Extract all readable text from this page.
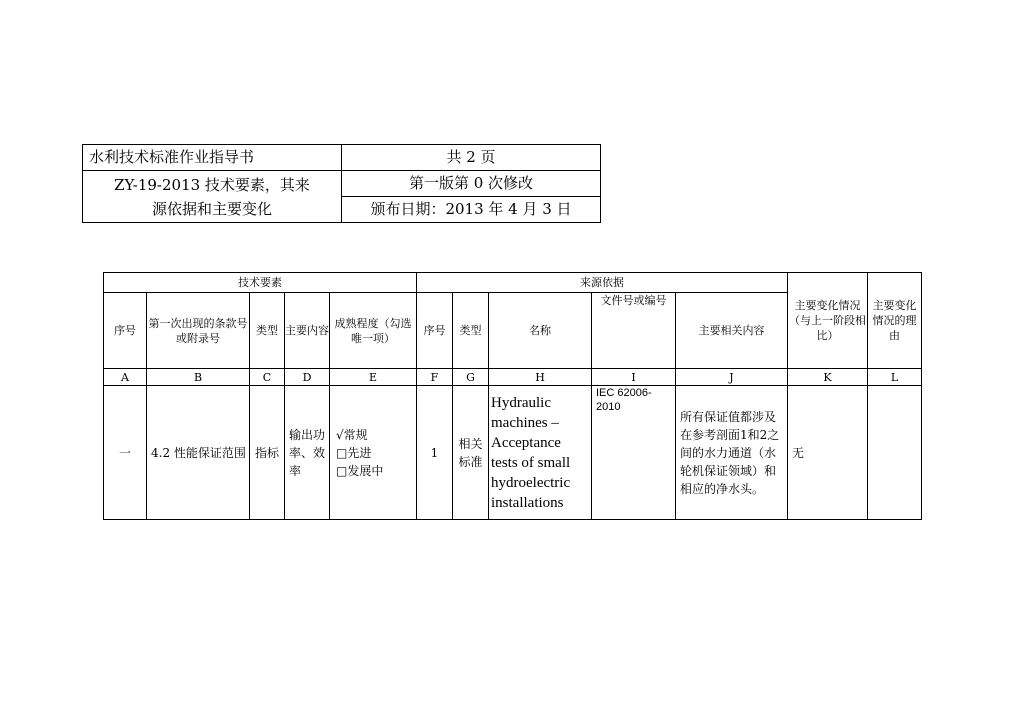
水利技术标准作业指导书	共 2 页

ZY-19-2013 技术要素，其来
源依据和主要变化	第一版第 0 次修改
	颁布日期：2013 年 4 月 3 日
技术要素					来源依据					主要变化情况（与上一阶段相比）	主要变化情况的理由
序号	第一次出现的条款号或附录号	类型	主要内容	成熟程度（勾选唯一项）	序号	类型	名称	文件号或编号	主要相关内容		
A	B	C	D	E	F	G	H	I	J	K	L
一	4.2 性能保证范围	指标	输出功率、效率	√常规
□先进
□发展中	1	相关标准	Hydraulic machines – Acceptance tests of small hydroelectric installations	IEC 62006-2010	所有保证值都涉及在参考剖面1和2之间的水力通道（水轮机保证领域）和相应的净水头。	无	
